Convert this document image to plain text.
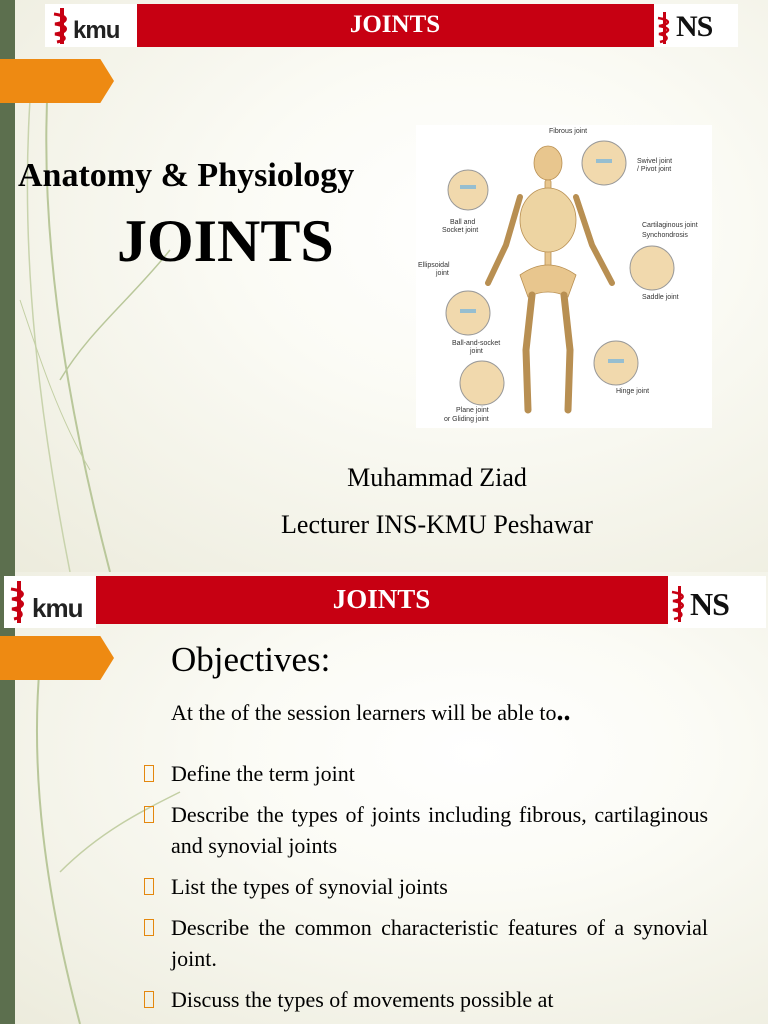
JOINTS
kmu	NS
Anatomy & Physiology
JOINTS
Fibrous joint
Swivel joint
/ Pivot joint
Ball and
Socket joint
Cartilaginous joint
Synchondrosis
Ellipsoidal
joint
Saddle joint
Ball-and-socket
joint
Hinge joint
Plane joint
or Gliding joint
Muhammad Ziad
Lecturer INS-KMU Peshawar
JOINTS
kmu	NS
Objectives:
At the of the session learners will be able to..
Define the term joint
Describe the types of joints including fibrous, cartilaginous and synovial joints
List the types of synovial joints
Describe the common characteristic features of a synovial joint.
Discuss the types of movements possible at
